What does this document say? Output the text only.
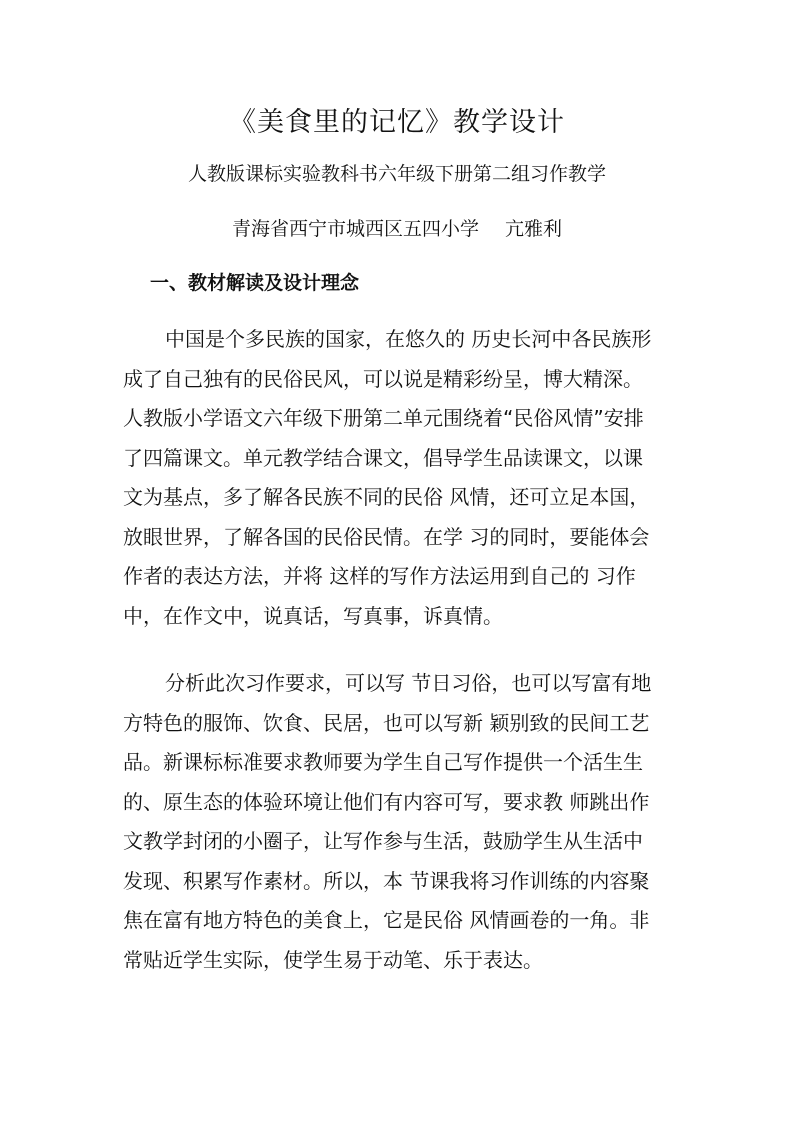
《美食里的记忆》教学设计
人教版课标实验教科书六年级下册第二组习作教学
青海省西宁市城西区五四小学 亢雅利
一、教材解读及设计理念
中国是个多民族的国家，在悠久的 历史长河中各民族形
成了自己独有的民俗民风，可以说是精彩纷呈，博大精深。
人教版小学语文六年级下册第二单元围绕着“民俗风情”安排
了四篇课文。单元教学结合课文，倡导学生品读课文，以课
文为基点，多了解各民族不同的民俗 风情，还可立足本国，
放眼世界，了解各国的民俗民情。在学 习的同时，要能体会
作者的表达方法，并将 这样的写作方法运用到自己的 习作
中，在作文中，说真话，写真事，诉真情。
分析此次习作要求，可以写 节日习俗，也可以写富有地
方特色的服饰、饮食、民居，也可以写新 颖别致的民间工艺
品。新课标标准要求教师要为学生自己写作提供一个活生生
的、原生态的体验环境让他们有内容可写，要求教 师跳出作
文教学封闭的小圈子，让写作参与生活，鼓励学生从生活中
发现、积累写作素材。所以，本 节课我将习作训练的内容聚
焦在富有地方特色的美食上，它是民俗 风情画卷的一角。非
常贴近学生实际，使学生易于动笔、乐于表达。
